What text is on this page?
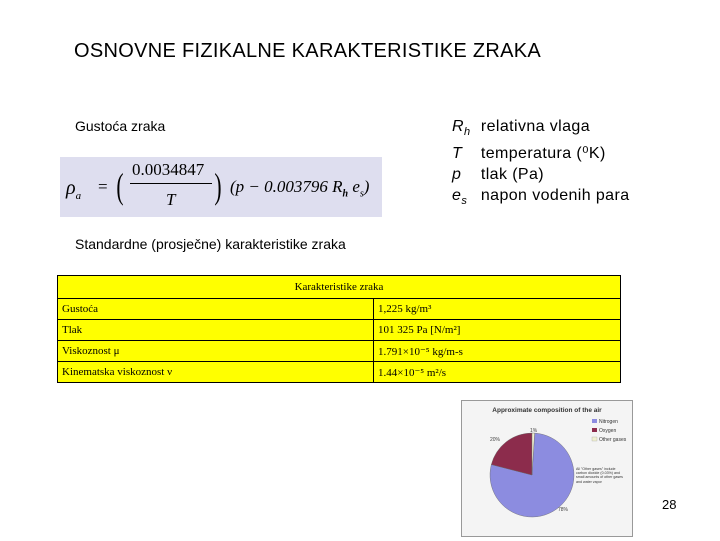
OSNOVNE FIZIKALNE KARAKTERISTIKE ZRAKA
Gustoća zraka
$\rho_a$ = ( 0.0034847
T ) (p − 0.003796 $R_h$ $e_s$)
$R_h$ relativna vlaga
T temperatura (⁰K)
p tlak (Pa)
$e_s$ napon vodenih para
Standardne (prosječne) karakteristike zraka
Karakteristike zraka	
Gustoća	1,225 kg/m³
Tlak	101 325 Pa [N/m²]
Viskoznost μ	1.791×10⁻⁵ kg/m-s
Kinematska viskoznost ν	1.44×10⁻⁵ m²/s
Approximate composition of the air
1%
20%
78%
Nitrogen
Oxygen
Other gases
All "Other gases" include carbon dioxide (0.03%) and small amounts of other gases and water vapor
28
